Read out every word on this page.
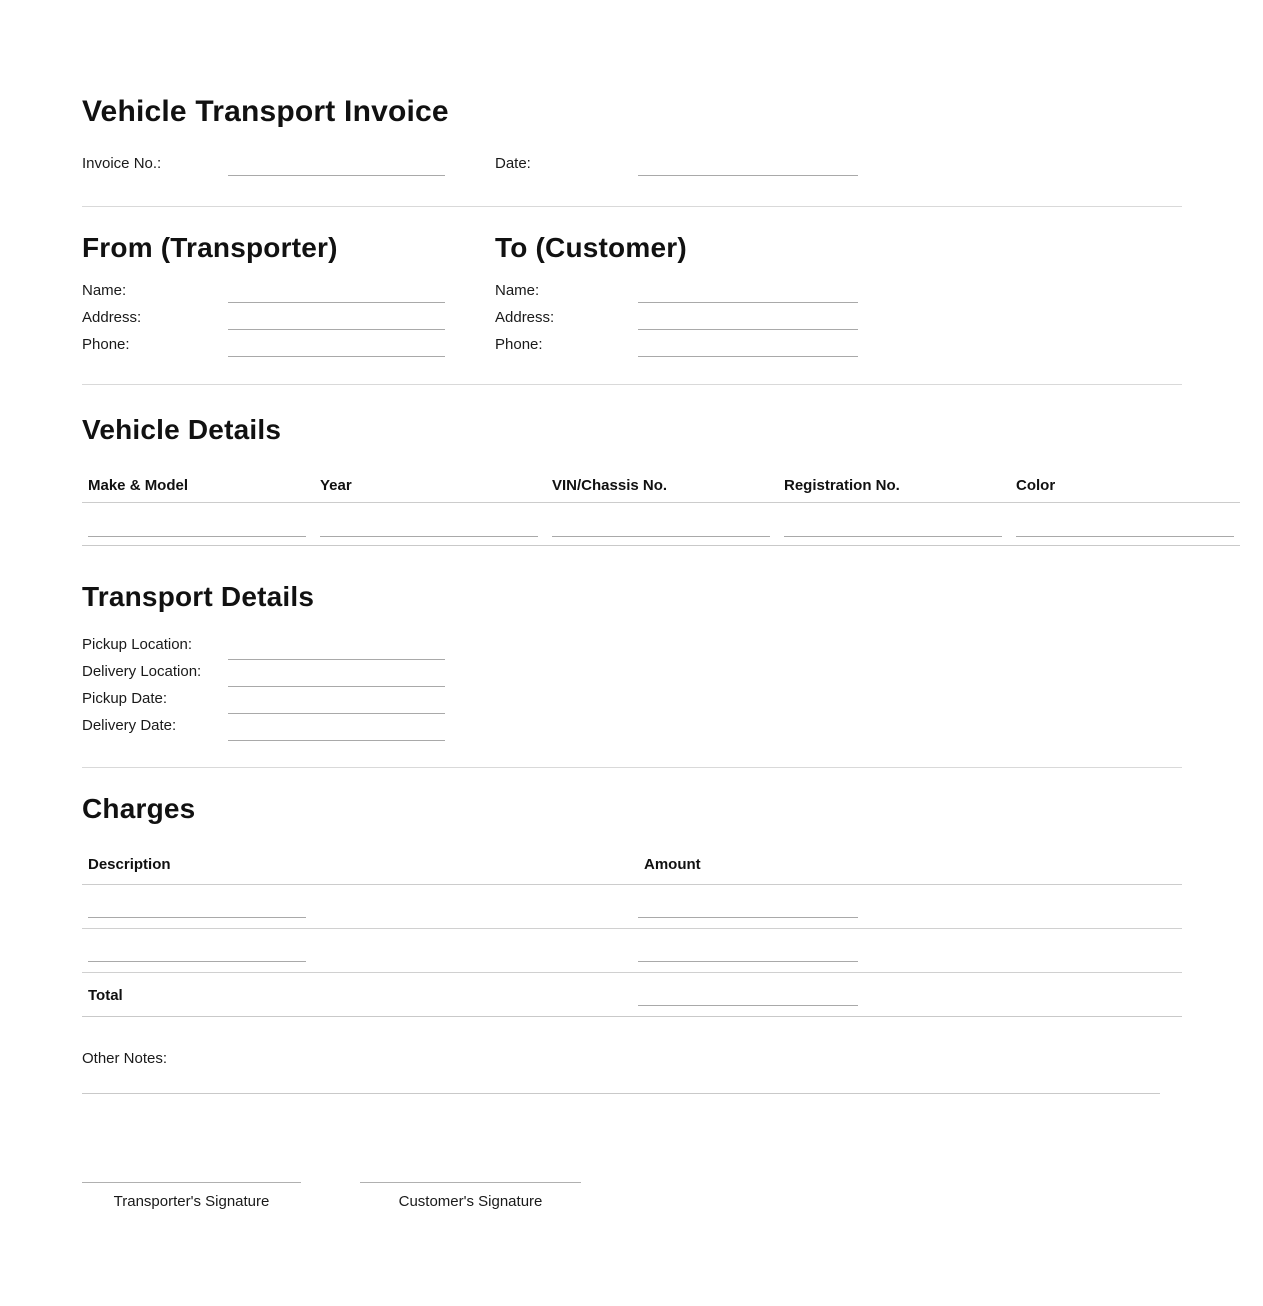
Vehicle Transport Invoice
Invoice No.:	Date:
From (Transporter)	To (Customer)
Name:	Name:
Address:	Address:
Phone:	Phone:
Vehicle Details
Make & Model	Year	VIN/Chassis No.	Registration No.	Color
Transport Details
Pickup Location:
Delivery Location:
Pickup Date:
Delivery Date:
Charges
Description	Amount
Total
Other Notes:
Transporter's Signature	Customer's Signature
